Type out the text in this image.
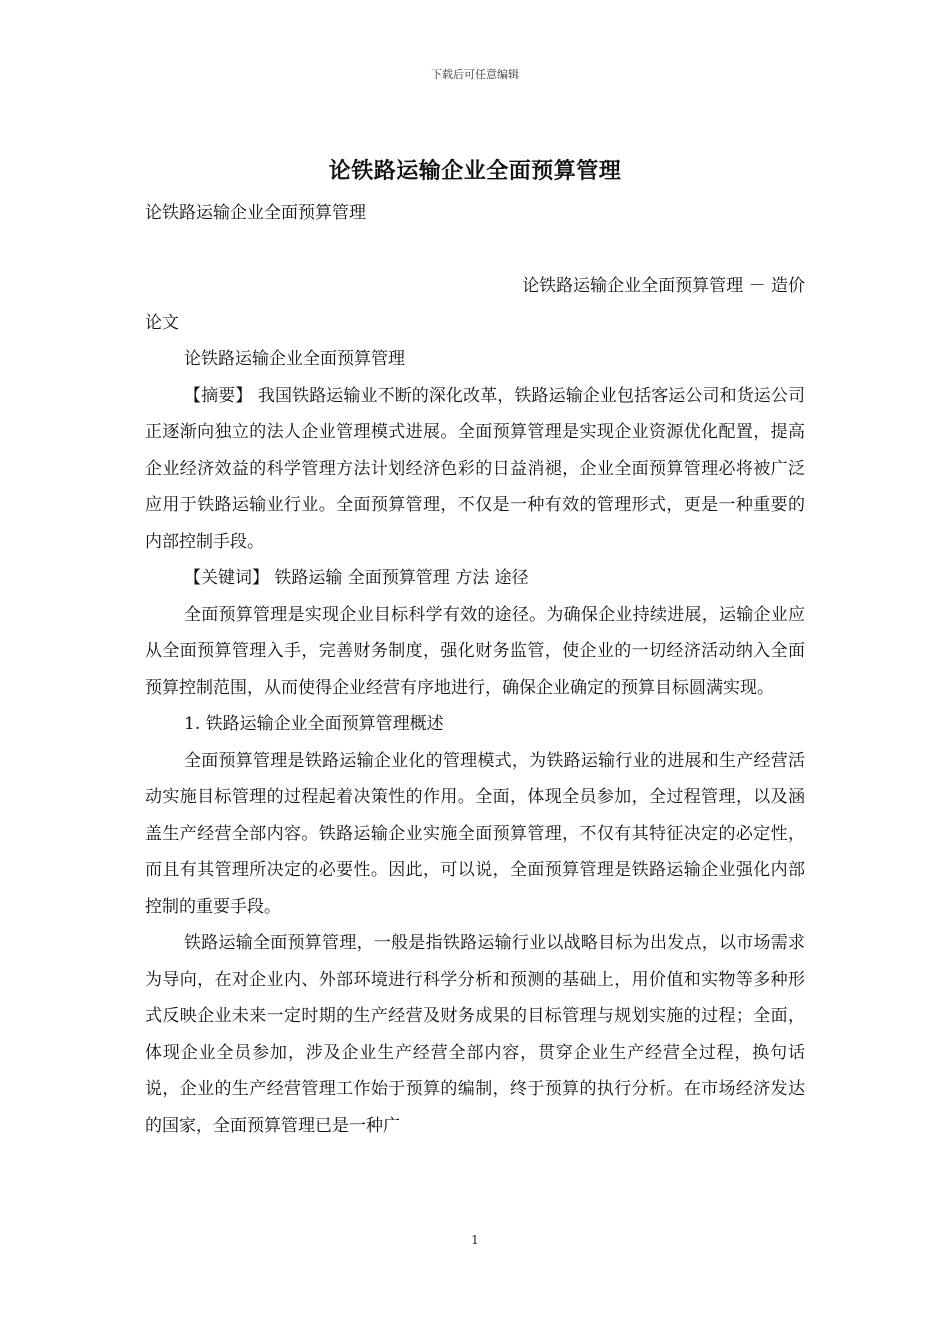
下载后可任意编辑
论铁路运输企业全面预算管理
论铁路运输企业全面预算管理
论铁路运输企业全面预算管理 － 造价
论文
论铁路运输企业全面预算管理
【摘要】 我国铁路运输业不断的深化改革，铁路运输企业包括客运公司和货运公司正逐渐向独立的法人企业管理模式进展。全面预算管理是实现企业资源优化配置，提高企业经济效益的科学管理方法计划经济色彩的日益消褪，企业全面预算管理必将被广泛应用于铁路运输业行业。全面预算管理，不仅是一种有效的管理形式，更是一种重要的内部控制手段。
【关键词】 铁路运输 全面预算管理 方法 途径
全面预算管理是实现企业目标科学有效的途径。为确保企业持续进展，运输企业应从全面预算管理入手，完善财务制度，强化财务监管，使企业的一切经济活动纳入全面预算控制范围，从而使得企业经营有序地进行，确保企业确定的预算目标圆满实现。
1. 铁路运输企业全面预算管理概述
全面预算管理是铁路运输企业化的管理模式，为铁路运输行业的进展和生产经营活动实施目标管理的过程起着决策性的作用。全面，体现全员参加，全过程管理，以及涵盖生产经营全部内容。铁路运输企业实施全面预算管理，不仅有其特征决定的必定性，而且有其管理所决定的必要性。因此，可以说，全面预算管理是铁路运输企业强化内部控制的重要手段。
铁路运输全面预算管理，一般是指铁路运输行业以战略目标为出发点，以市场需求为导向，在对企业内、外部环境进行科学分析和预测的基础上，用价值和实物等多种形式反映企业未来一定时期的生产经营及财务成果的目标管理与规划实施的过程；全面，体现企业全员参加，涉及企业生产经营全部内容，贯穿企业生产经营全过程，换句话说，企业的生产经营管理工作始于预算的编制，终于预算的执行分析。在市场经济发达的国家，全面预算管理已是一种广
1
